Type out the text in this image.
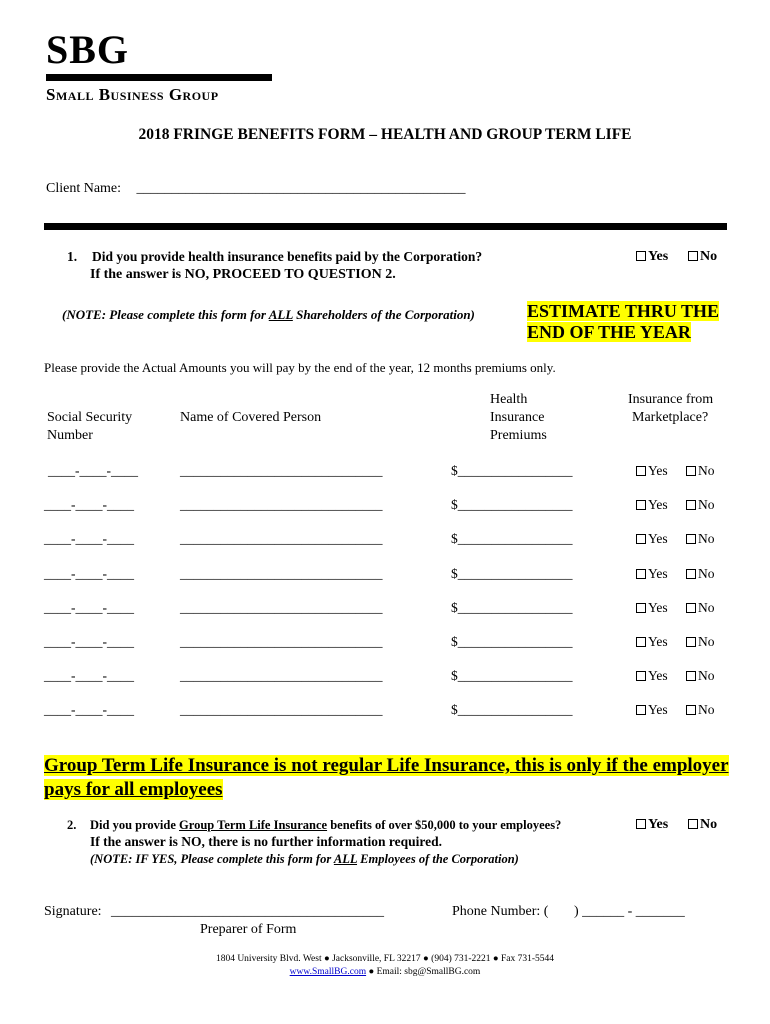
SBG
Small Business Group
2018 FRINGE BENEFITS FORM – HEALTH AND GROUP TERM LIFE
Client Name: _______________________________________________
1. Did you provide health insurance benefits paid by the Corporation?
If the answer is NO, PROCEED TO QUESTION 2.
Yes	No
(NOTE: Please complete this form for ALL Shareholders of the Corporation)	ESTIMATE THRU THE
END OF THE YEAR
Please provide the Actual Amounts you will pay by the end of the year, 12 months premiums only.
Social Security
Number
Name of Covered Person
Health
Insurance
Premiums
Insurance from
Marketplace?
____-____-____	______________________________	$_________________	Yes	No
____-____-____	______________________________	$_________________	Yes	No
____-____-____	______________________________	$_________________	Yes	No
____-____-____	______________________________	$_________________	Yes	No
____-____-____	______________________________	$_________________	Yes	No
____-____-____	______________________________	$_________________	Yes	No
____-____-____	______________________________	$_________________	Yes	No
____-____-____	______________________________	$_________________	Yes	No
Group Term Life Insurance is not regular Life Insurance, this is only if the employer pays for all employees
2. Did you provide Group Term Life Insurance benefits of over $50,000 to your employees?	Yes	No
If the answer is NO, there is no further information required.
(NOTE: IF YES, Please complete this form for ALL Employees of the Corporation)
Signature: _______________________________________
Preparer of Form
Phone Number: ( ) ______ - _______
1804 University Blvd. West ● Jacksonville, FL 32217 ● (904) 731-2221 ● Fax 731-5544
www.SmallBG.com ● Email: sbg@SmallBG.com
